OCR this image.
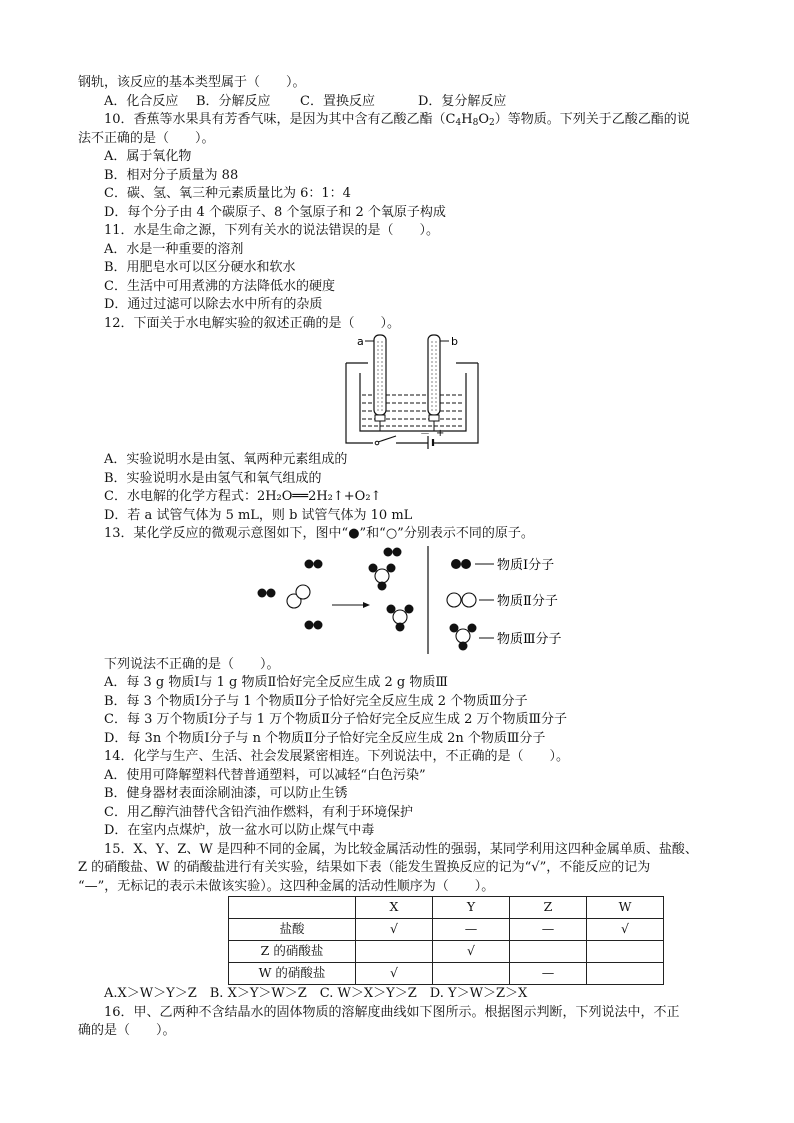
钢轨，该反应的基本类型属于（　　）。
A．化合反应 B．分解反应 C．置换反应	D．复分解反应
10．香蕉等水果具有芳香气味，是因为其中含有乙酸乙酯$(C_4H_8O_2)$等物质。下列关于乙酸乙酯的说
法不正确的是（　　）。
A．属于氧化物
B．相对分子质量为 88
C．碳、氢、氧三种元素质量比为 6：1：4
D．每个分子由 4 个碳原子、8 个氢原子和 2 个氧原子构成
11．水是生命之源，下列有关水的说法错误的是（　　）。
A．水是一种重要的溶剂
B．用肥皂水可以区分硬水和软水
C．生活中可用煮沸的方法降低水的硬度
D．通过过滤可以除去水中所有的杂质
12．下面关于水电解实验的叙述正确的是（　　）。
－ +
a	b
A．实验说明水是由氢、氧两种元素组成的
B．实验说明水是由氢气和氧气组成的
C．水电解的化学方程式：2H₂O══2H₂↑+O₂↑
D．若 a 试管气体为 5 mL，则 b 试管气体为 10 mL
13．某化学反应的微观示意图如下，图中“●”和“○”分别表示不同的原子。
物质Ⅰ分子
物质Ⅱ分子
物质Ⅲ分子
下列说法不正确的是（　　）。
A．每 3 g 物质Ⅰ与 1 g 物质Ⅱ恰好完全反应生成 2 g 物质Ⅲ
B．每 3 个物质Ⅰ分子与 1 个物质Ⅱ分子恰好完全反应生成 2 个物质Ⅲ分子
C．每 3 万个物质Ⅰ分子与 1 万个物质Ⅱ分子恰好完全反应生成 2 万个物质Ⅲ分子
D．每 3n 个物质Ⅰ分子与 n 个物质Ⅱ分子恰好完全反应生成 2n 个物质Ⅲ分子
14．化学与生产、生活、社会发展紧密相连。下列说法中，不正确的是（　　）。
A．使用可降解塑料代替普通塑料，可以减轻“白色污染”
B．健身器材表面涂刷油漆，可以防止生锈
C．用乙醇汽油替代含铅汽油作燃料，有利于环境保护
D．在室内点煤炉，放一盆水可以防止煤气中毒
15．X、Y、Z、W 是四种不同的金属，为比较金属活动性的强弱，某同学利用这四种金属单质、盐酸、
Z 的硝酸盐、W 的硝酸盐进行有关实验，结果如下表（能发生置换反应的记为“√”，不能反应的记为
“—”，无标记的表示未做该实验）。这四种金属的活动性顺序为（　　）。
	X	Y	Z	W
盐酸	√	—	—	√
Z 的硝酸盐		√		
W 的硝酸盐	√		—	
A.X＞W＞Y＞Z　B. X＞Y＞W＞Z　C. W＞X＞Y＞Z　D. Y＞W＞Z＞X
16．甲、乙两种不含结晶水的固体物质的溶解度曲线如下图所示。根据图示判断，下列说法中，不正
确的是（　　）。
